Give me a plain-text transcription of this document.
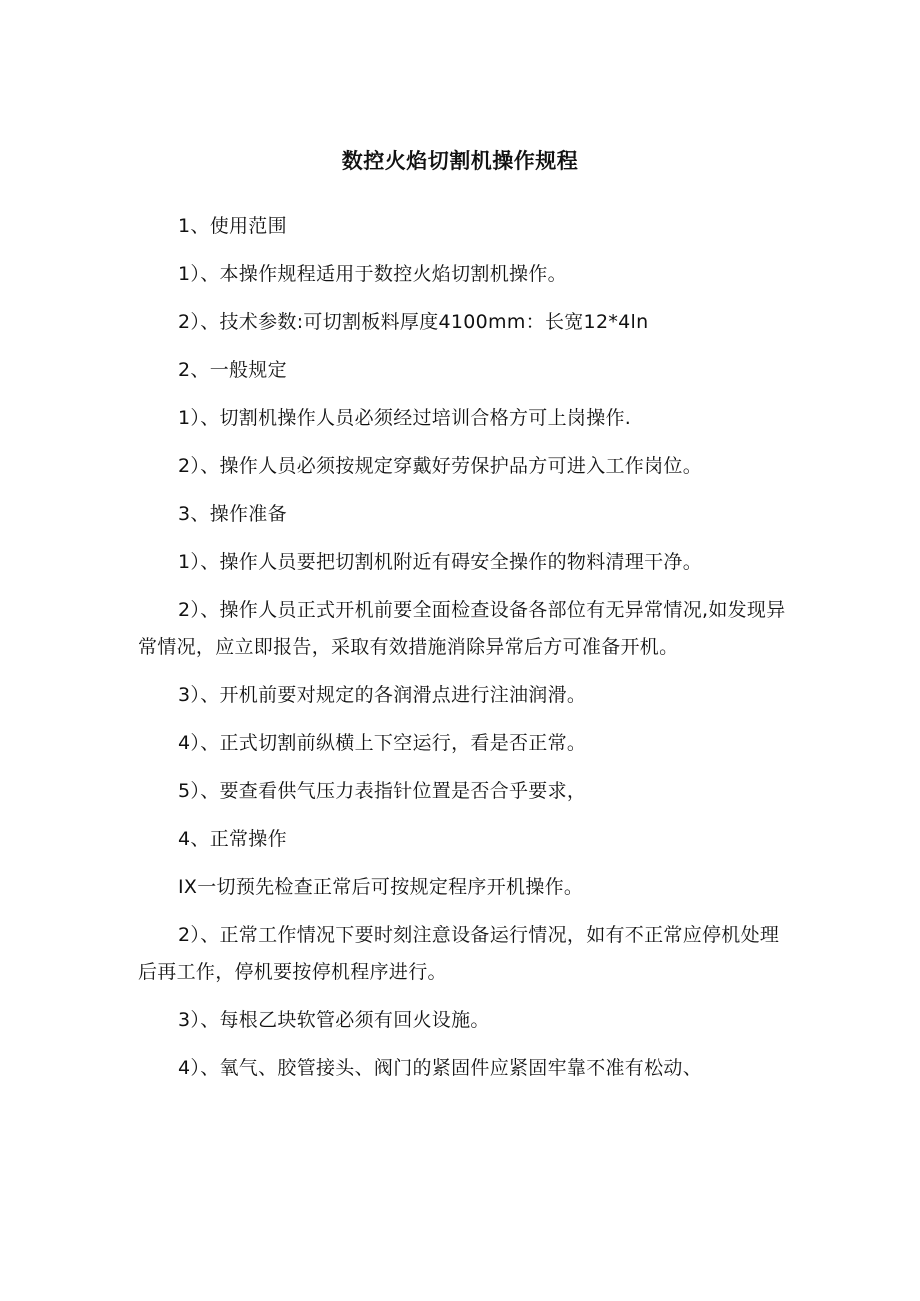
数控火焰切割机操作规程

1、使用范围

1）、本操作规程适用于数控火焰切割机操作。

2）、技术参数:可切割板料厚度4100mm：长宽12*4ln

2、一般规定

1）、切割机操作人员必须经过培训合格方可上岗操作.

2）、操作人员必须按规定穿戴好劳保护品方可进入工作岗位。

3、操作准备

1）、操作人员要把切割机附近有碍安全操作的物料清理干净。

2）、操作人员正式开机前要全面检查设备各部位有无异常情况,如发现异常情况，应立即报告，采取有效措施消除异常后方可准备开机。

3）、开机前要对规定的各润滑点进行注油润滑。

4）、正式切割前纵横上下空运行，看是否正常。

5）、要查看供气压力表指针位置是否合乎要求，

4、正常操作

IX一切预先检查正常后可按规定程序开机操作。

2）、正常工作情况下要时刻注意设备运行情况，如有不正常应停机处理后再工作，停机要按停机程序进行。

3）、每根乙块软管必须有回火设施。

4）、氧气、胶管接头、阀门的紧固件应紧固牢靠不准有松动、
